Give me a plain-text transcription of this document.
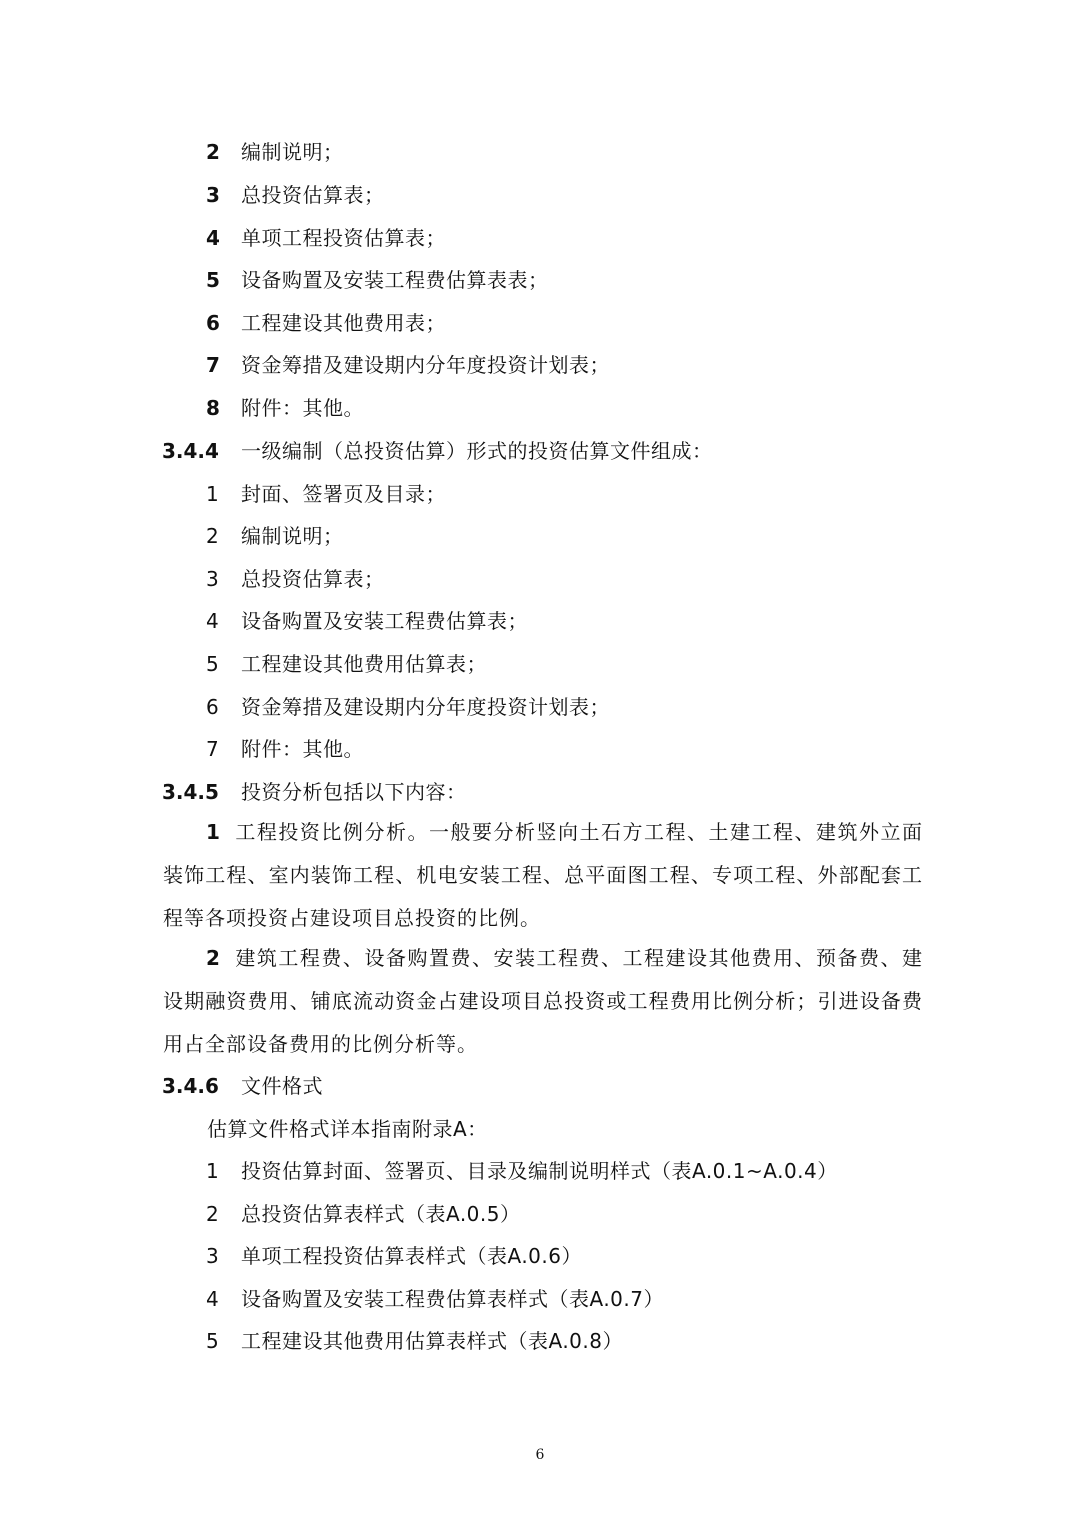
2 编制说明；
3 总投资估算表；
4 单项工程投资估算表；
5 设备购置及安装工程费估算表表；
6 工程建设其他费用表；
7 资金筹措及建设期内分年度投资计划表；
8 附件：其他。
3.4.4 一级编制（总投资估算）形式的投资估算文件组成：
1 封面、签署页及目录；
2 编制说明；
3 总投资估算表；
4 设备购置及安装工程费估算表；
5 工程建设其他费用估算表；
6 资金筹措及建设期内分年度投资计划表；
7 附件：其他。
3.4.5 投资分析包括以下内容：
1 工程投资比例分析。一般要分析竖向土石方工程、土建工程、建筑外立面装饰工程、室内装饰工程、机电安装工程、总平面图工程、专项工程、外部配套工程等各项投资占建设项目总投资的比例。
2 建筑工程费、设备购置费、安装工程费、工程建设其他费用、预备费、建设期融资费用、铺底流动资金占建设项目总投资或工程费用比例分析；引进设备费用占全部设备费用的比例分析等。
3.4.6 文件格式
估算文件格式详本指南附录A：
1 投资估算封面、签署页、目录及编制说明样式（表A.0.1~A.0.4）
2 总投资估算表样式（表A.0.5）
3 单项工程投资估算表样式（表A.0.6）
4 设备购置及安装工程费估算表样式（表A.0.7）
5 工程建设其他费用估算表样式（表A.0.8）
6
